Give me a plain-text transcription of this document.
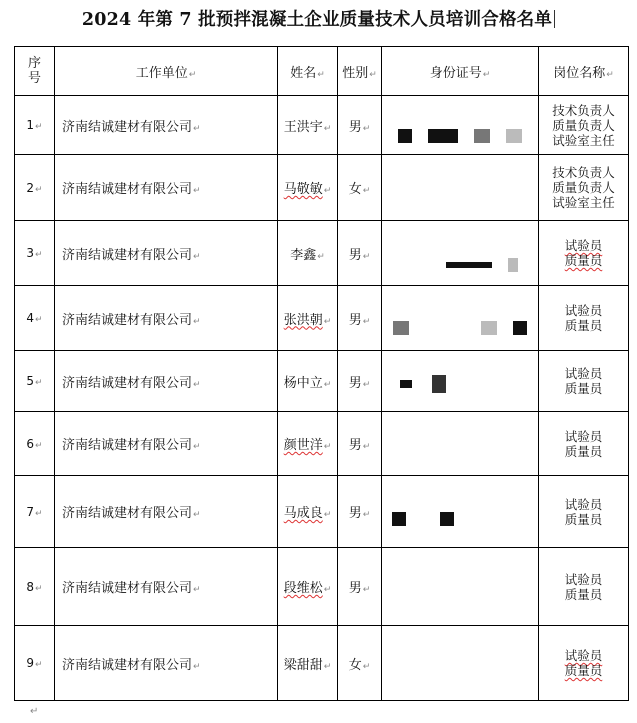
2024 年第 7 批预拌混凝土企业质量技术人员培训合格名单
序号	工作单位↵	姓名↵	性别↵	身份证号↵	岗位名称↵
1↵	济南结诚建材有限公司↵	王洪宇↵	男↵		技术负责人
质量负责人
试验室主任
2↵	济南结诚建材有限公司↵	马敬敏↵	女↵		技术负责人
质量负责人
试验室主任
3↵	济南结诚建材有限公司↵	李鑫↵	男↵		试验员
质量员
4↵	济南结诚建材有限公司↵	张洪朝↵	男↵		试验员
质量员
5↵	济南结诚建材有限公司↵	杨中立↵	男↵		试验员
质量员
6↵	济南结诚建材有限公司↵	颜世洋↵	男↵		试验员
质量员
7↵	济南结诚建材有限公司↵	马成良↵	男↵		试验员
质量员
8↵	济南结诚建材有限公司↵	段维松↵	男↵		试验员
质量员
9↵	济南结诚建材有限公司↵	梁甜甜↵	女↵		试验员
质量员
↵
